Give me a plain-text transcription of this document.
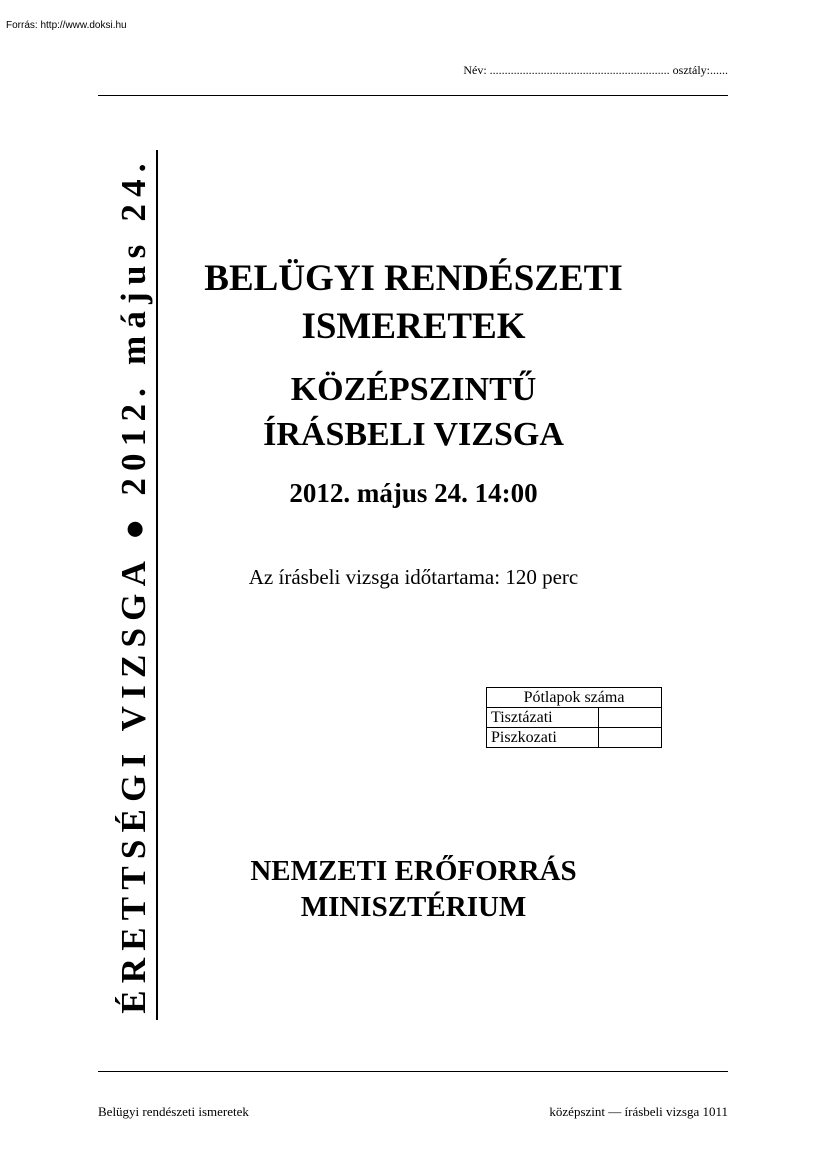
Forrás: http://www.doksi.hu
Név: ............................................................ osztály:......
ÉRETTSÉGI VIZSGA ● 2012. május 24.	BELÜGYI RENDÉSZETI
ISMERETEK
KÖZÉPSZINTŰ
ÍRÁSBELI VIZSGA
2012. május 24. 14:00
Az írásbeli vizsga időtartama: 120 perc
Pótlapok száma	
Tisztázati	
Piszkozati	
NEMZETI ERŐFORRÁS
MINISZTÉRIUM
Belügyi rendészeti ismeretek	középszint — írásbeli vizsga 1011
